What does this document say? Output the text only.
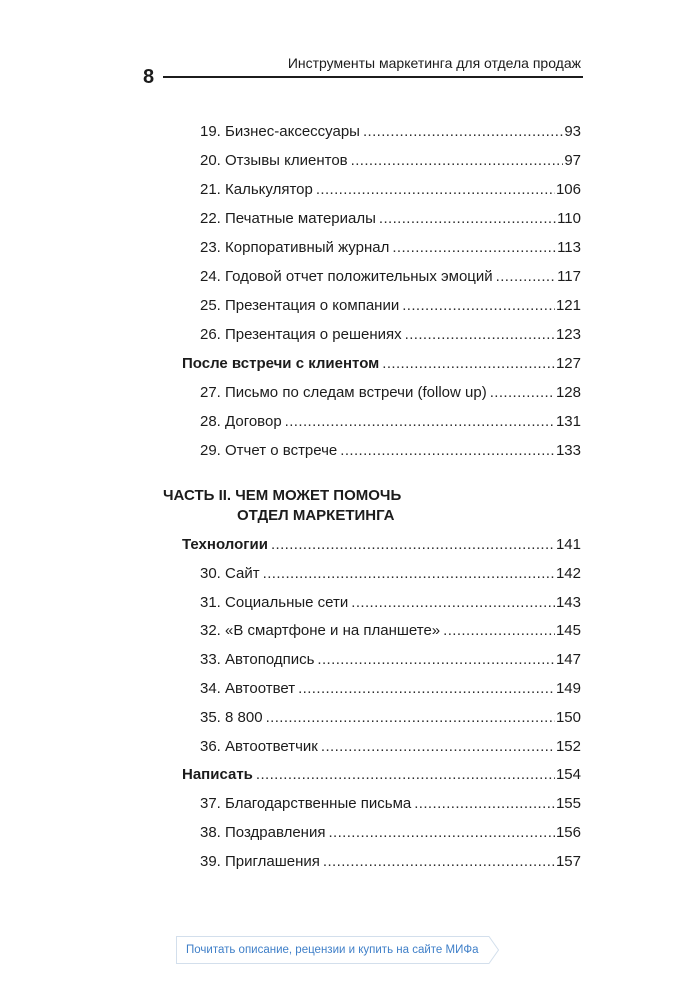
Инструменты маркетинга для отдела продаж
8
19. Бизнес-аксессуары .....	93
20. Отзывы клиентов .....	97
21. Калькулятор .....	106
22. Печатные материалы .....	110
23. Корпоративный журнал .....	113
24. Годовой отчет положительных эмоций .....	117
25. Презентация о компании .....	121
26. Презентация о решениях .....	123
После встречи с клиентом .....	127
27. Письмо по следам встречи (follow up) .....	128
28. Договор .....	131
29. Отчет о встрече .....	133
ЧАСТЬ II. ЧЕМ МОЖЕТ ПОМОЧЬ
ОТДЕЛ МАРКЕТИНГА
Технологии .....	141
30. Сайт .....	142
31. Социальные сети .....	143
32. «В смартфоне и на планшете» .....	145
33. Автоподпись .....	147
34. Автоответ .....	149
35. 8 800 .....	150
36. Автоответчик .....	152
Написать .....	154
37. Благодарственные письма .....	155
38. Поздравления .....	156
39. Приглашения .....	157
Почитать описание, рецензии и купить на сайте МИФа
